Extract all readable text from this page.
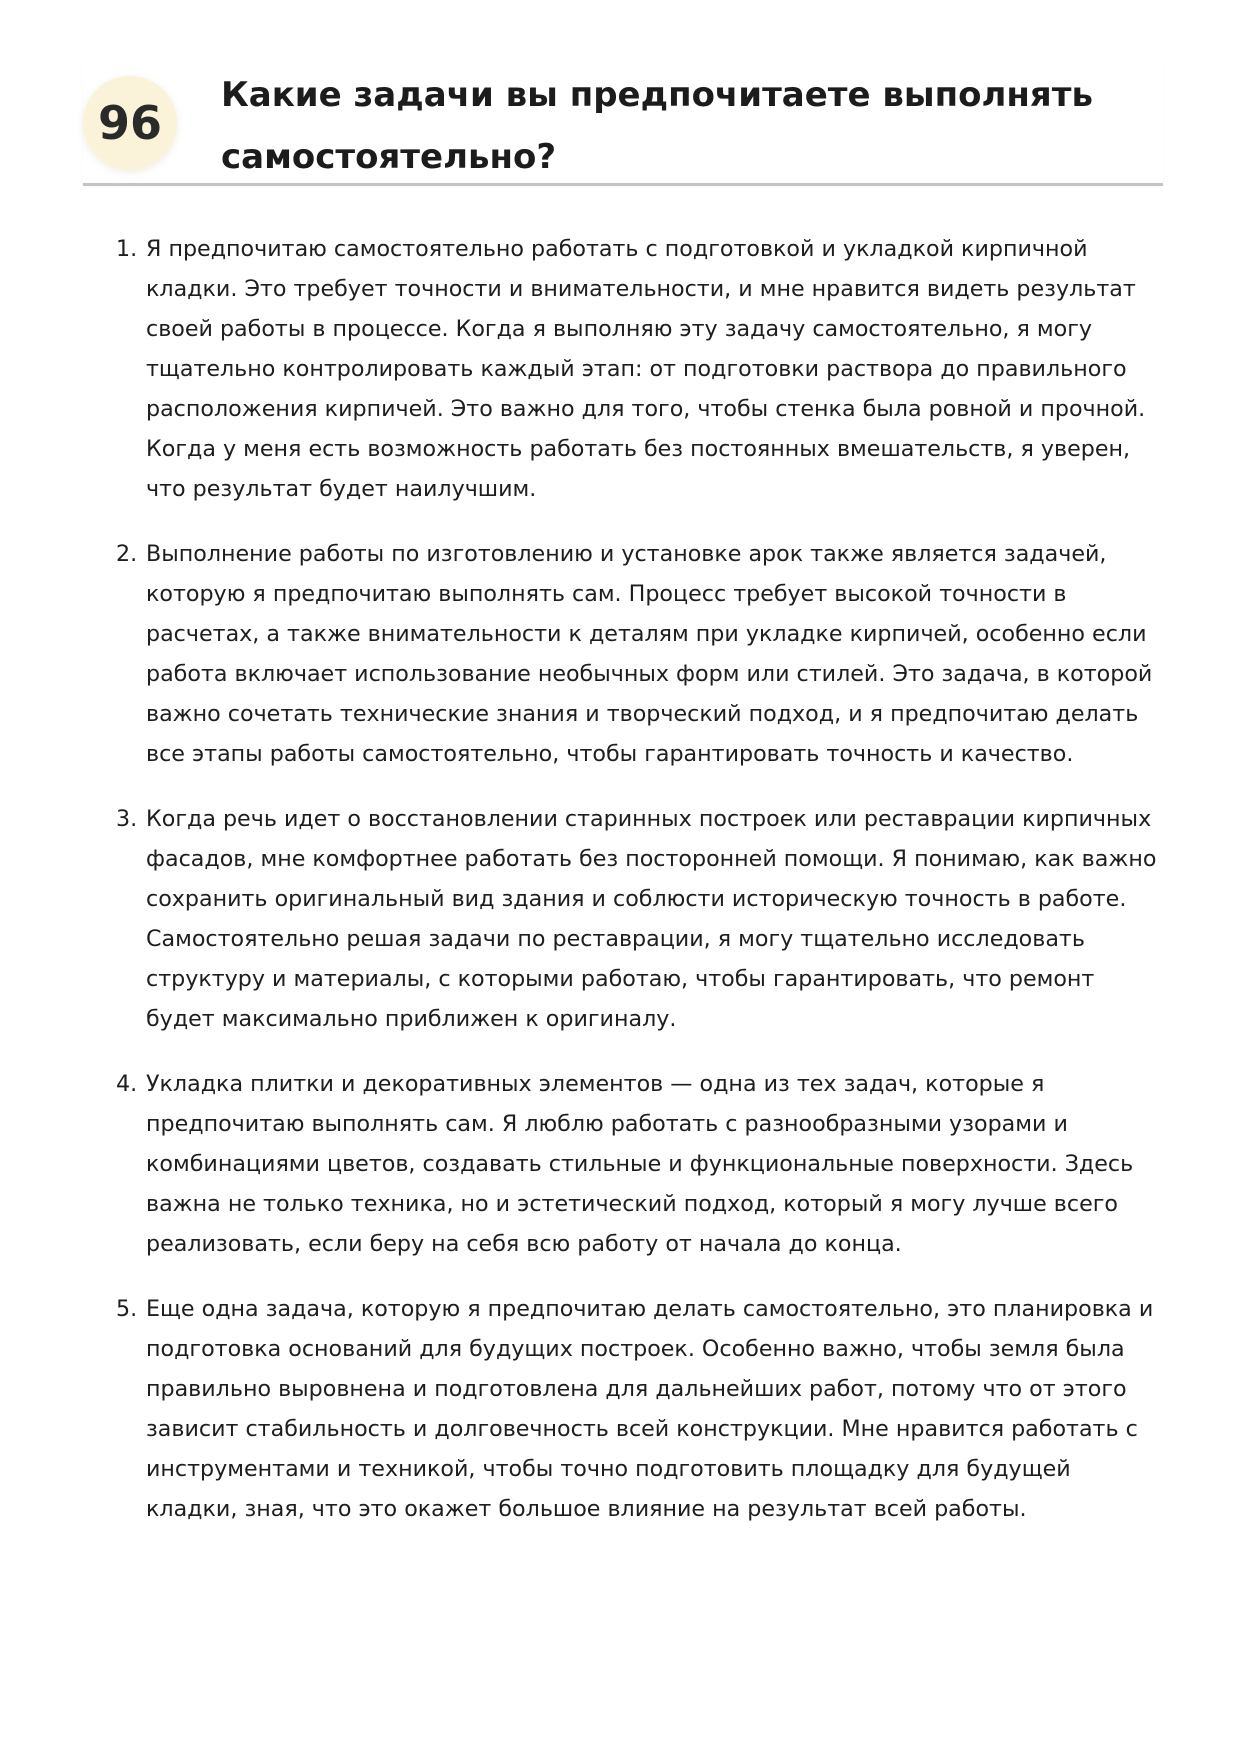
96
Какие задачи вы предпочитаете выполнять самостоятельно?
1. Я предпочитаю самостоятельно работать с подготовкой и укладкой кирпичной кладки. Это требует точности и внимательности, и мне нравится видеть результат своей работы в процессе. Когда я выполняю эту задачу самостоятельно, я могу тщательно контролировать каждый этап: от подготовки раствора до правильного расположения кирпичей. Это важно для того, чтобы стенка была ровной и прочной. Когда у меня есть возможность работать без постоянных вмешательств, я уверен, что результат будет наилучшим.
2. Выполнение работы по изготовлению и установке арок также является задачей, которую я предпочитаю выполнять сам. Процесс требует высокой точности в расчетах, а также внимательности к деталям при укладке кирпичей, особенно если работа включает использование необычных форм или стилей. Это задача, в которой важно сочетать технические знания и творческий подход, и я предпочитаю делать все этапы работы самостоятельно, чтобы гарантировать точность и качество.
3. Когда речь идет о восстановлении старинных построек или реставрации кирпичных фасадов, мне комфортнее работать без посторонней помощи. Я понимаю, как важно сохранить оригинальный вид здания и соблюсти историческую точность в работе. Самостоятельно решая задачи по реставрации, я могу тщательно исследовать структуру и материалы, с которыми работаю, чтобы гарантировать, что ремонт будет максимально приближен к оригиналу.
4. Укладка плитки и декоративных элементов — одна из тех задач, которые я предпочитаю выполнять сам. Я люблю работать с разнообразными узорами и комбинациями цветов, создавать стильные и функциональные поверхности. Здесь важна не только техника, но и эстетический подход, который я могу лучше всего реализовать, если беру на себя всю работу от начала до конца.
5. Еще одна задача, которую я предпочитаю делать самостоятельно, это планировка и подготовка оснований для будущих построек. Особенно важно, чтобы земля была правильно выровнена и подготовлена для дальнейших работ, потому что от этого зависит стабильность и долговечность всей конструкции. Мне нравится работать с инструментами и техникой, чтобы точно подготовить площадку для будущей кладки, зная, что это окажет большое влияние на результат всей работы.
